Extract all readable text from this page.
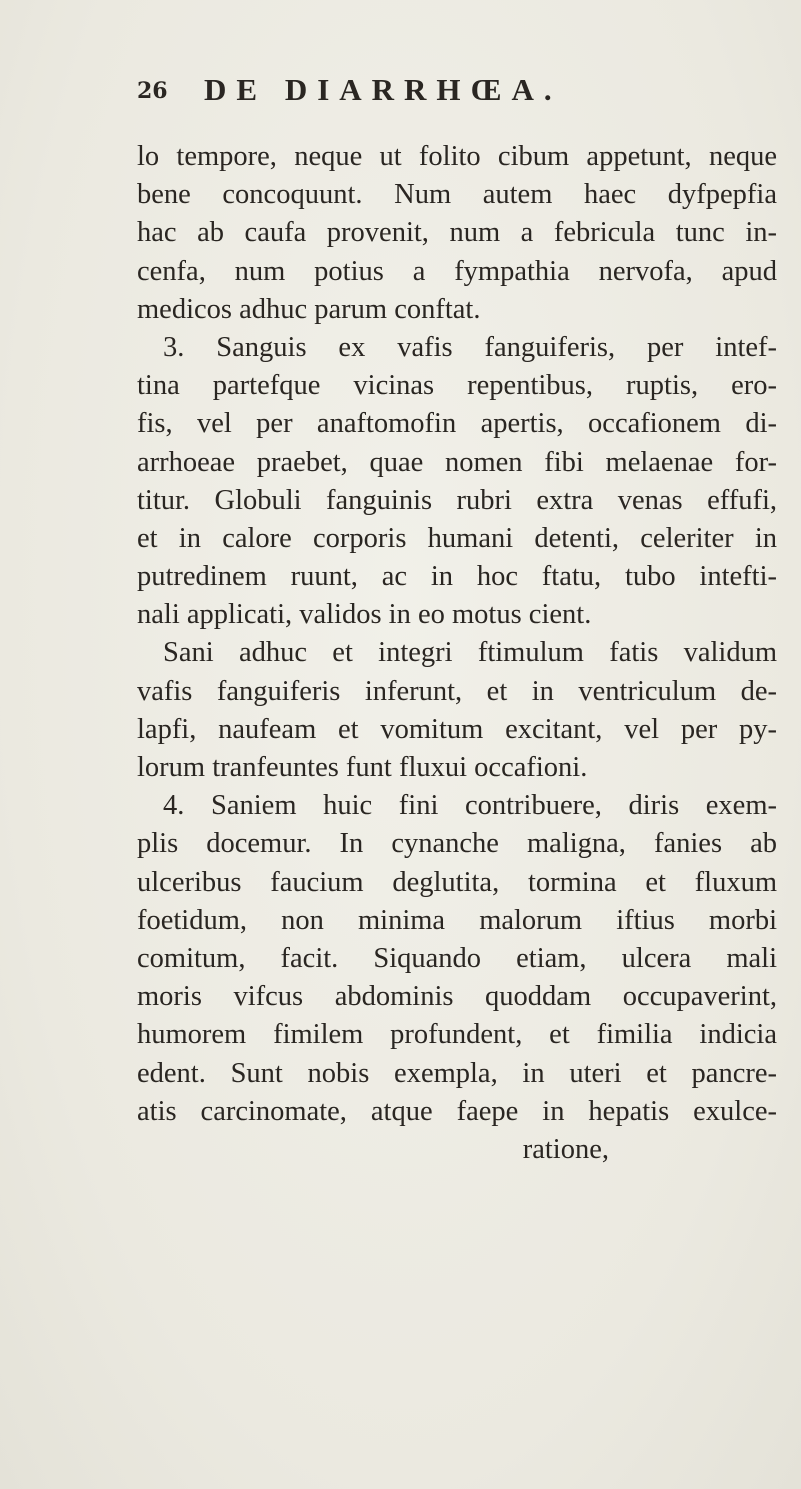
26 DE DIARRHŒA.
lo tempore, neque ut folito cibum appetunt, neque
bene concoquunt. Num autem haec dyfpepfia
hac ab caufa provenit, num a febricula tunc in-
cenfa, num potius a fympathia nervofa, apud
medicos adhuc parum conftat.
3. Sanguis ex vafis fanguiferis, per intef-
tina partefque vicinas repentibus, ruptis, ero-
fis, vel per anaftomofin apertis, occafionem di-
arrhoeae praebet, quae nomen fibi melaenae for-
titur. Globuli fanguinis rubri extra venas effufi,
et in calore corporis humani detenti, celeriter in
putredinem ruunt, ac in hoc ftatu, tubo intefti-
nali applicati, validos in eo motus cient.
Sani adhuc et integri ftimulum fatis validum
vafis fanguiferis inferunt, et in ventriculum de-
lapfi, naufeam et vomitum excitant, vel per py-
lorum tranfeuntes funt fluxui occafioni.
4. Saniem huic fini contribuere, diris exem-
plis docemur. In cynanche maligna, fanies ab
ulceribus faucium deglutita, tormina et fluxum
foetidum, non minima malorum iftius morbi
comitum, facit. Siquando etiam, ulcera mali
moris vifcus abdominis quoddam occupaverint,
humorem fimilem profundent, et fimilia indicia
edent. Sunt nobis exempla, in uteri et pancre-
atis carcinomate, atque faepe in hepatis exulce-
ratione,
